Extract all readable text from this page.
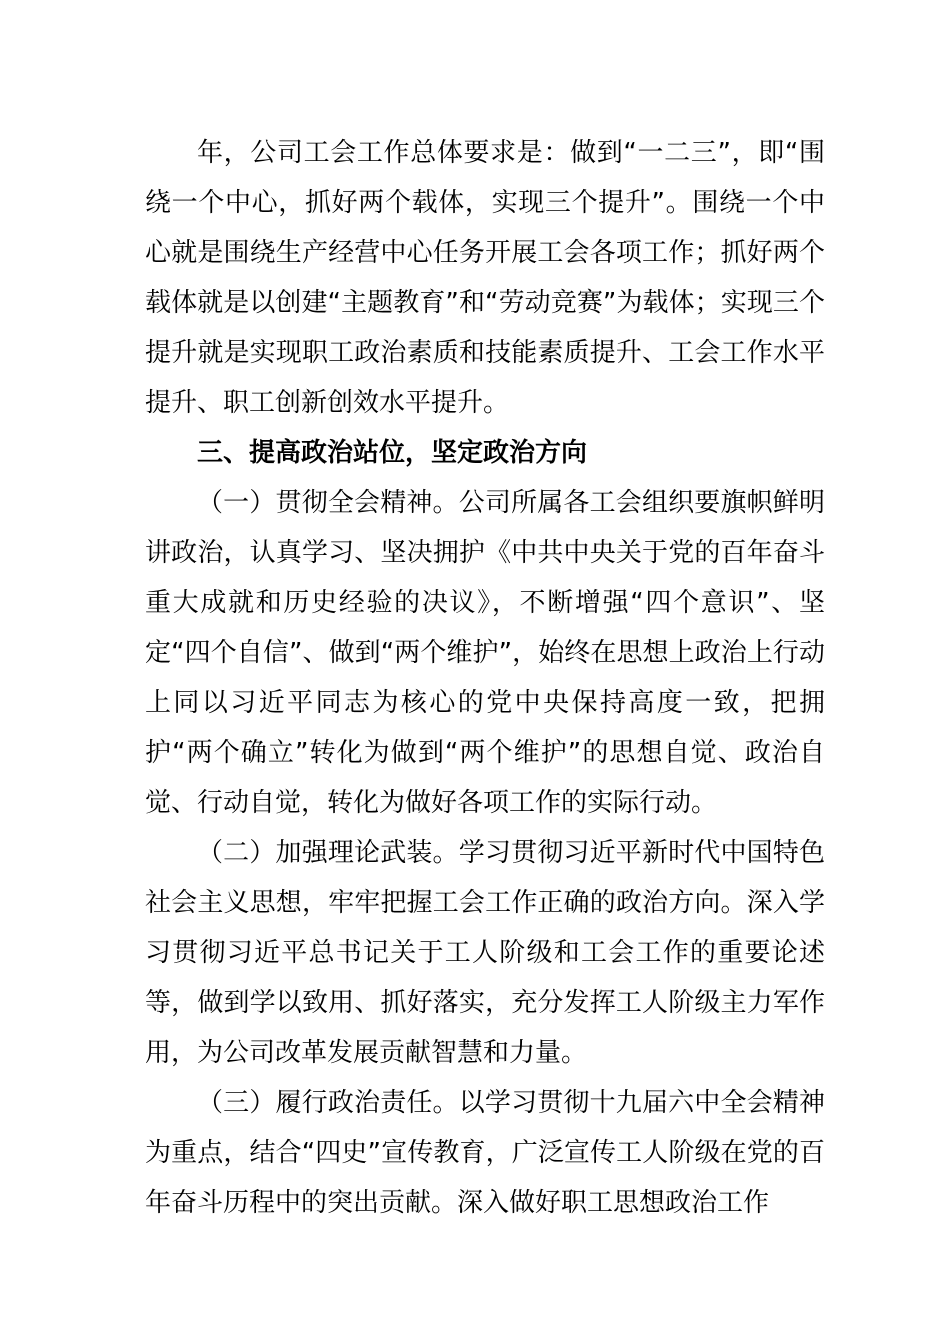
年，公司工会工作总体要求是：做到“一二三”，即“围绕一个中心，抓好两个载体，实现三个提升”。围绕一个中心就是围绕生产经营中心任务开展工会各项工作；抓好两个载体就是以创建“主题教育”和“劳动竞赛”为载体；实现三个提升就是实现职工政治素质和技能素质提升、工会工作水平提升、职工创新创效水平提升。

三、提高政治站位，坚定政治方向

（一）贯彻全会精神。公司所属各工会组织要旗帜鲜明讲政治，认真学习、坚决拥护《中共中央关于党的百年奋斗重大成就和历史经验的决议》，不断增强“四个意识”、坚定“四个自信”、做到“两个维护”，始终在思想上政治上行动上同以习近平同志为核心的党中央保持高度一致，把拥护“两个确立”转化为做到“两个维护”的思想自觉、政治自觉、行动自觉，转化为做好各项工作的实际行动。

（二）加强理论武装。学习贯彻习近平新时代中国特色社会主义思想，牢牢把握工会工作正确的政治方向。深入学习贯彻习近平总书记关于工人阶级和工会工作的重要论述等，做到学以致用、抓好落实，充分发挥工人阶级主力军作用，为公司改革发展贡献智慧和力量。

（三）履行政治责任。以学习贯彻十九届六中全会精神为重点，结合“四史”宣传教育，广泛宣传工人阶级在党的百年奋斗历程中的突出贡献。深入做好职工思想政治工作
